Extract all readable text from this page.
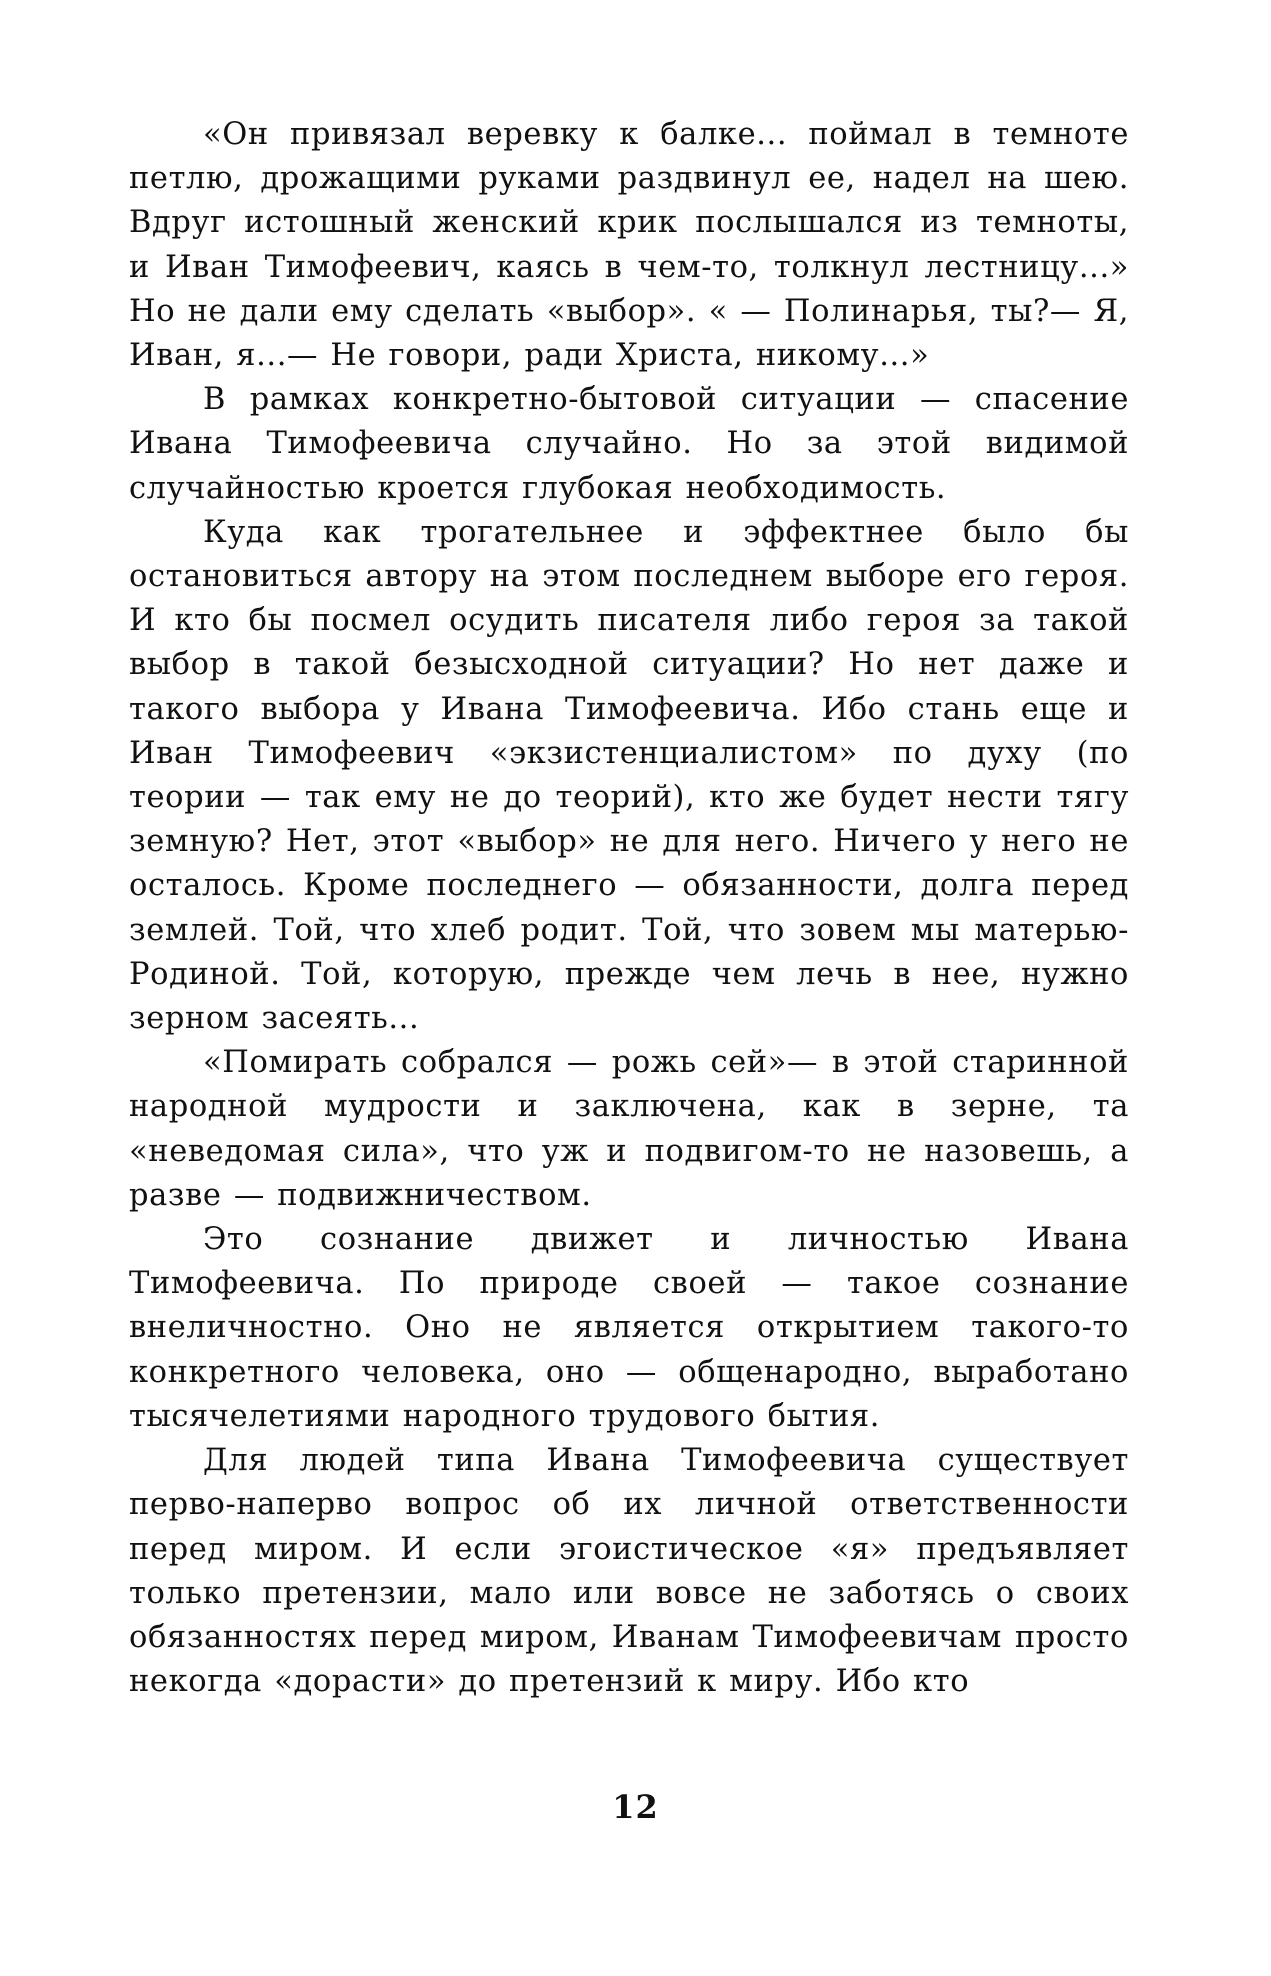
«Он привязал веревку к балке... поймал в темноте петлю, дрожащими руками раздвинул ее, надел на шею. Вдруг истошный женский крик послышался из темноты, и Иван Тимофеевич, каясь в чем-то, толкнул лестницу...» Но не дали ему сделать «выбор». « — Полинарья, ты?— Я, Иван, я...— Не говори, ради Христа, никому...»

В рамках конкретно-бытовой ситуации — спасение Ивана Тимофеевича случайно. Но за этой видимой случайностью кроется глубокая необходимость.

Куда как трогательнее и эффектнее было бы остановиться автору на этом последнем выборе его героя. И кто бы посмел осудить писателя либо героя за такой выбор в такой безысходной ситуации? Но нет даже и такого выбора у Ивана Тимофеевича. Ибо стань еще и Иван Тимофеевич «экзистенциалистом» по духу (по теории — так ему не до теорий), кто же будет нести тягу земную? Нет, этот «выбор» не для него. Ничего у него не осталось. Кроме последнего — обязанности, долга перед землей. Той, что хлеб родит. Той, что зовем мы матерью-Родиной. Той, которую, прежде чем лечь в нее, нужно зерном засеять...

«Помирать собрался — рожь сей»— в этой старинной народной мудрости и заключена, как в зерне, та «неведомая сила», что уж и подвигом-то не назовешь, а разве — подвижничеством.

Это сознание движет и личностью Ивана Тимофеевича. По природе своей — такое сознание внеличностно. Оно не является открытием такого-то конкретного человека, оно — общенародно, выработано тысячелетиями народного трудового бытия.

Для людей типа Ивана Тимофеевича существует перво-наперво вопрос об их личной ответственности перед миром. И если эгоистическое «я» предъявляет только претензии, мало или вовсе не заботясь о своих обязанностях перед миром, Иванам Тимофеевичам просто некогда «дорасти» до претензий к миру. Ибо кто

12
